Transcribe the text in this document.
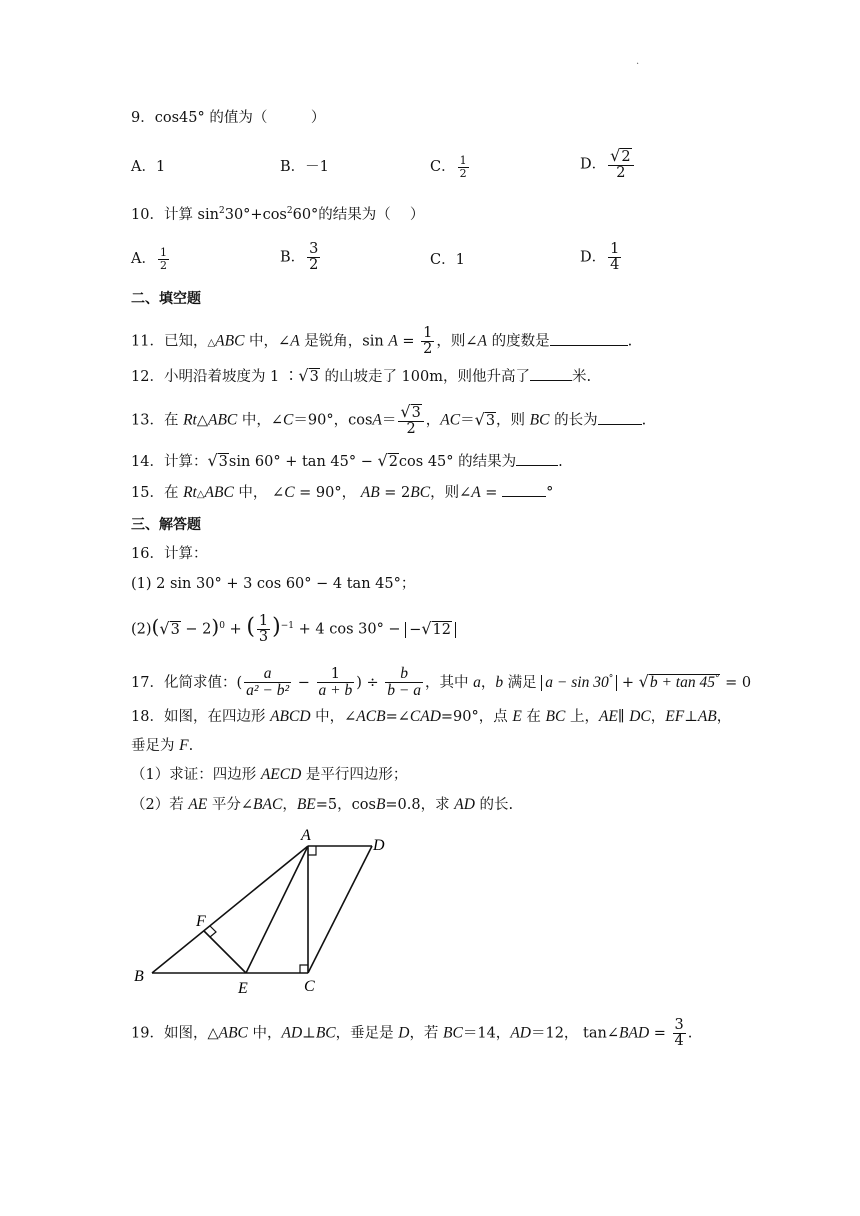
.
9．cos45° 的值为（　　　）
A．1	B．－1	C． $\frac{1}{2}$	D． $\frac{√2}{2}$
10．计算 $\sin^230^\circ+\cos^260^\circ$的结果为（　 ）
A． $\frac{1}{2}$	B． $\frac{3}{2}$	C．1	D． $\frac{1}{4}$
二、填空题
11．已知，△ABC 中，∠A 是锐角，$\sin A = \frac{1}{2}$ ，则∠A 的度数是	.
12．小明沿着坡度为 1 ∶√3 的山坡走了 100m，则他升高了	米.
13．在 Rt△ABC 中，∠C＝90°，$\cos A= \frac{√3}{2}$ ，AC＝√3，则 BC 的长为	.
14．计算：√3sin 60° + tan 45° − √2cos 45° 的结果为	.
15．在 Rt△ABC 中， ∠C = 90°， AB = 2BC，则∠A =	°
三、解答题
16．计算：
(1) 2 sin 30° + 3 cos 60° − 4 tan 45°；
$(2)(√3 - 2)^0$ + ( $\frac{1}{3} )^{-1} + 4$ cos 30° − −√12
17．化简求值：( $\frac{a}{\text{a² − b²}} - \frac{1}{a + b}$ ) ÷ $\frac{b}{b - a}$ ，其中 a，b 满足 a − sin 30° + √b + tan 45° = 0
18．如图，在四边形 ABCD 中，∠ACB=∠CAD=90°，点 E 在 BC 上，AE∥ DC，EF⊥AB，
垂足为 F.
（1）求证：四边形 AECD 是平行四边形；
（2）若 AE 平分∠BAC，BE=5，cosB=0.8，求 AD 的长.
A
B
C
D
E
F
19．如图，△ABC 中，AD⊥BC，垂足是 D，若 BC＝14，AD＝12， tan∠BAD = $\frac{3}{4}$ .
